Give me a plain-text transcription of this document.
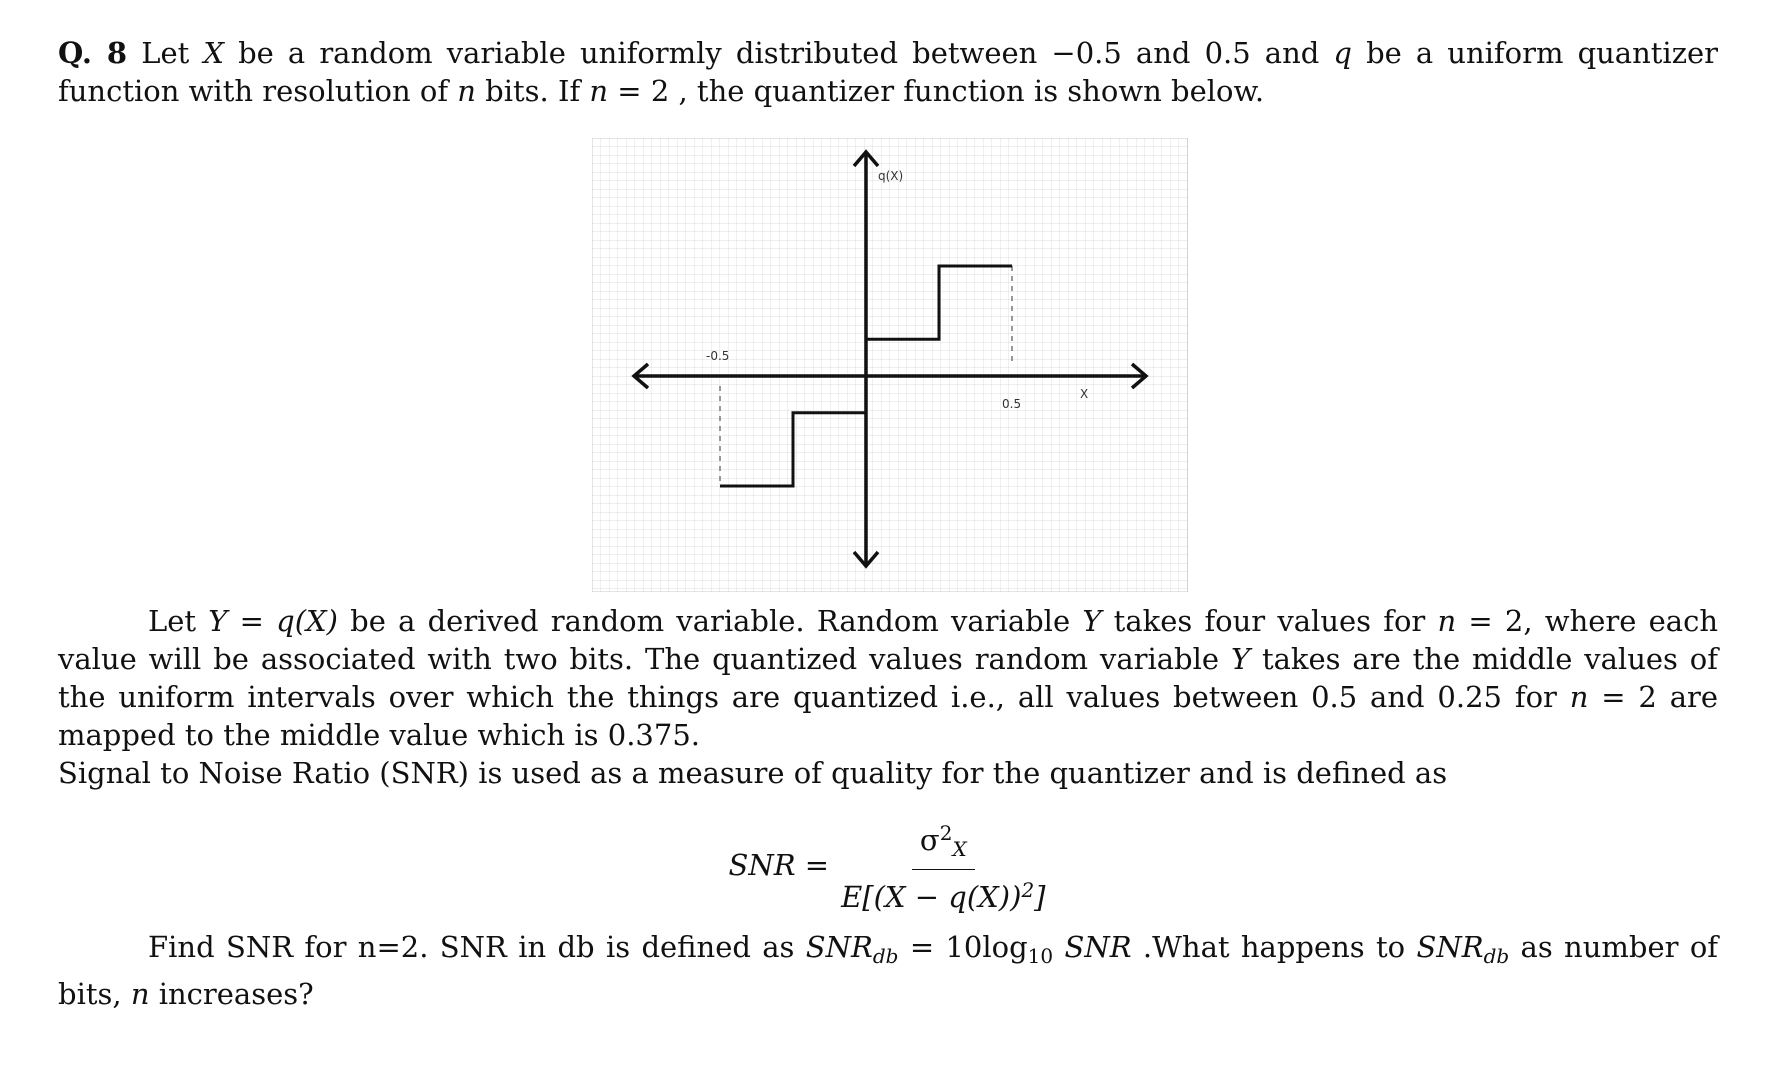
Q. 8 Let X be a random variable uniformly distributed between −0.5 and 0.5 and q be a uniform quantizer function with resolution of n bits. If n = 2 , the quantizer function is shown below.
q(X)
X
-0.5
0.5
Let Y = q(X) be a derived random variable. Random variable Y takes four values for n = 2, where each value will be associated with two bits. The quantized values random variable Y takes are the middle values of the uniform intervals over which the things are quantized i.e., all values between 0.5 and 0.25 for n = 2 are mapped to the middle value which is 0.375.
Signal to Noise Ratio (SNR) is used as a measure of quality for the quantizer and is defined as
SNR = $\frac{\sigma^2_X}{E[(X - q(X))^2]}$
Find SNR for n=2. SNR in db is defined as $SNR_{db} = 10\log_{10}$ SNR .What happens to $SNR_{db}$ as number of bits, n increases?
